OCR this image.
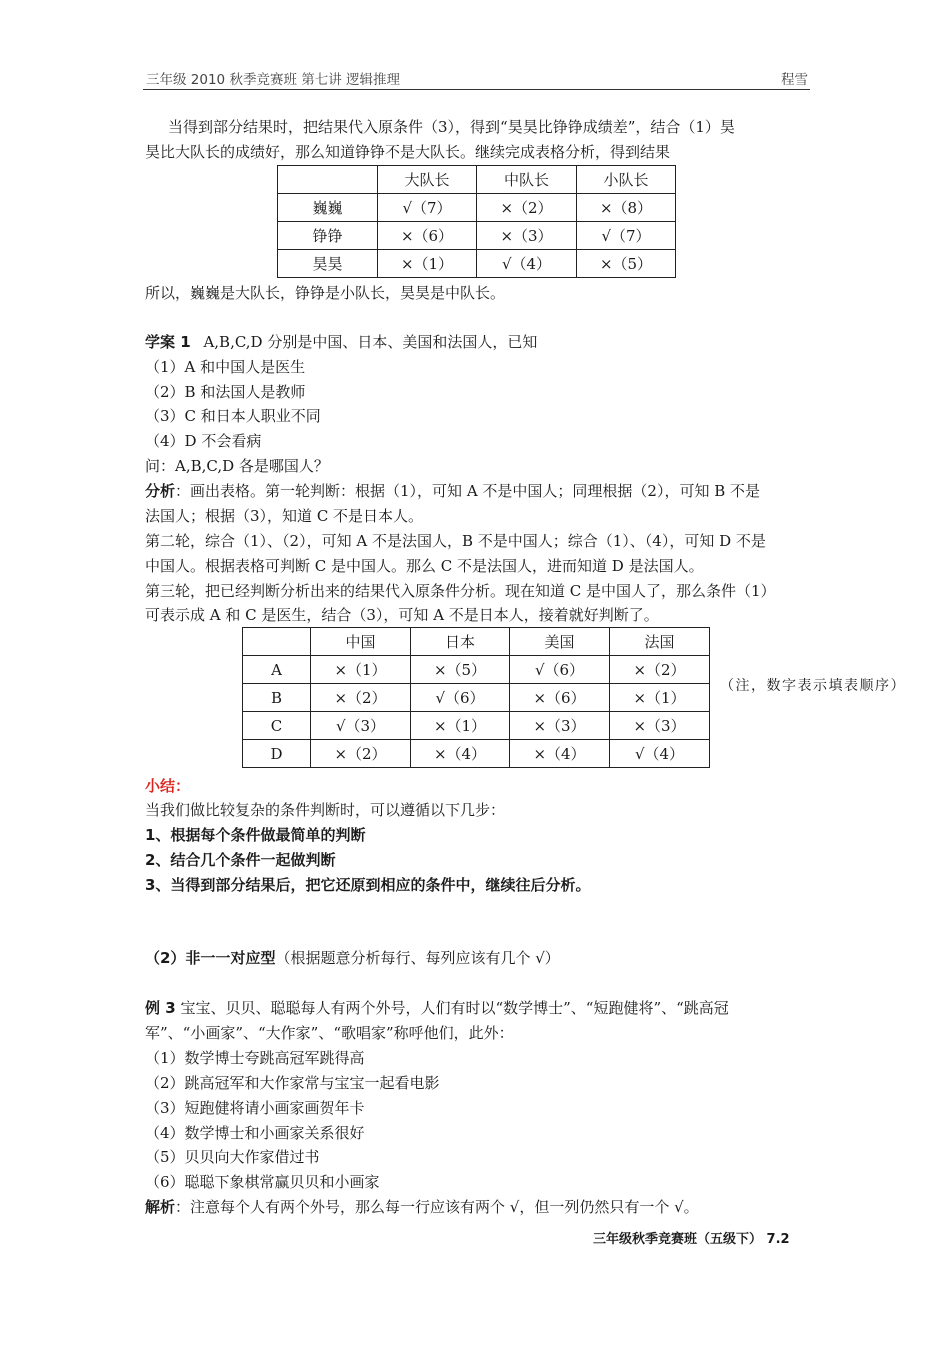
三年级 2010 秋季竞赛班 第七讲 逻辑推理	程雪
当得到部分结果时，把结果代入原条件（3），得到“昊昊比铮铮成绩差”，结合（1）昊
昊比大队长的成绩好，那么知道铮铮不是大队长。继续完成表格分析，得到结果
	大队长	中队长	小队长
巍巍	√（7）	×（2）	×（8）
铮铮	×（6）	×（3）	√（7）
昊昊	×（1）	√（4）	×（5）
所以，巍巍是大队长，铮铮是小队长，昊昊是中队长。
学案 1 A,B,C,D 分别是中国、日本、美国和法国人，已知
（1）A 和中国人是医生
（2）B 和法国人是教师
（3）C 和日本人职业不同
（4）D 不会看病
问：A,B,C,D 各是哪国人？
分析：画出表格。第一轮判断：根据（1），可知 A 不是中国人；同理根据（2），可知 B 不是
法国人；根据（3），知道 C 不是日本人。
第二轮，综合（1）、（2），可知 A 不是法国人，B 不是中国人；综合（1）、（4），可知 D 不是
中国人。根据表格可判断 C 是中国人。那么 C 不是法国人，进而知道 D 是法国人。
第三轮，把已经判断分析出来的结果代入原条件分析。现在知道 C 是中国人了，那么条件（1）
可表示成 A 和 C 是医生，结合（3），可知 A 不是日本人，接着就好判断了。
	中国	日本	美国	法国
A	×（1）	×（5）	√（6）	×（2）
B	×（2）	√（6）	×（6）	×（1）
C	√（3）	×（1）	×（3）	×（3）
D	×（2）	×（4）	×（4）	√（4）
（注，数字表示填表顺序）
小结：
当我们做比较复杂的条件判断时，可以遵循以下几步：
1、根据每个条件做最简单的判断
2、结合几个条件一起做判断
3、当得到部分结果后，把它还原到相应的条件中，继续往后分析。
（2）非一一对应型（根据题意分析每行、每列应该有几个 √）
例 3 宝宝、贝贝、聪聪每人有两个外号，人们有时以“数学博士”、“短跑健将”、“跳高冠
军”、“小画家”、“大作家”、“歌唱家”称呼他们，此外：
（1）数学博士夸跳高冠军跳得高
（2）跳高冠军和大作家常与宝宝一起看电影
（3）短跑健将请小画家画贺年卡
（4）数学博士和小画家关系很好
（5）贝贝向大作家借过书
（6）聪聪下象棋常赢贝贝和小画家
解析：注意每个人有两个外号，那么每一行应该有两个 √，但一列仍然只有一个 √。
三年级秋季竞赛班（五级下） 7.2
